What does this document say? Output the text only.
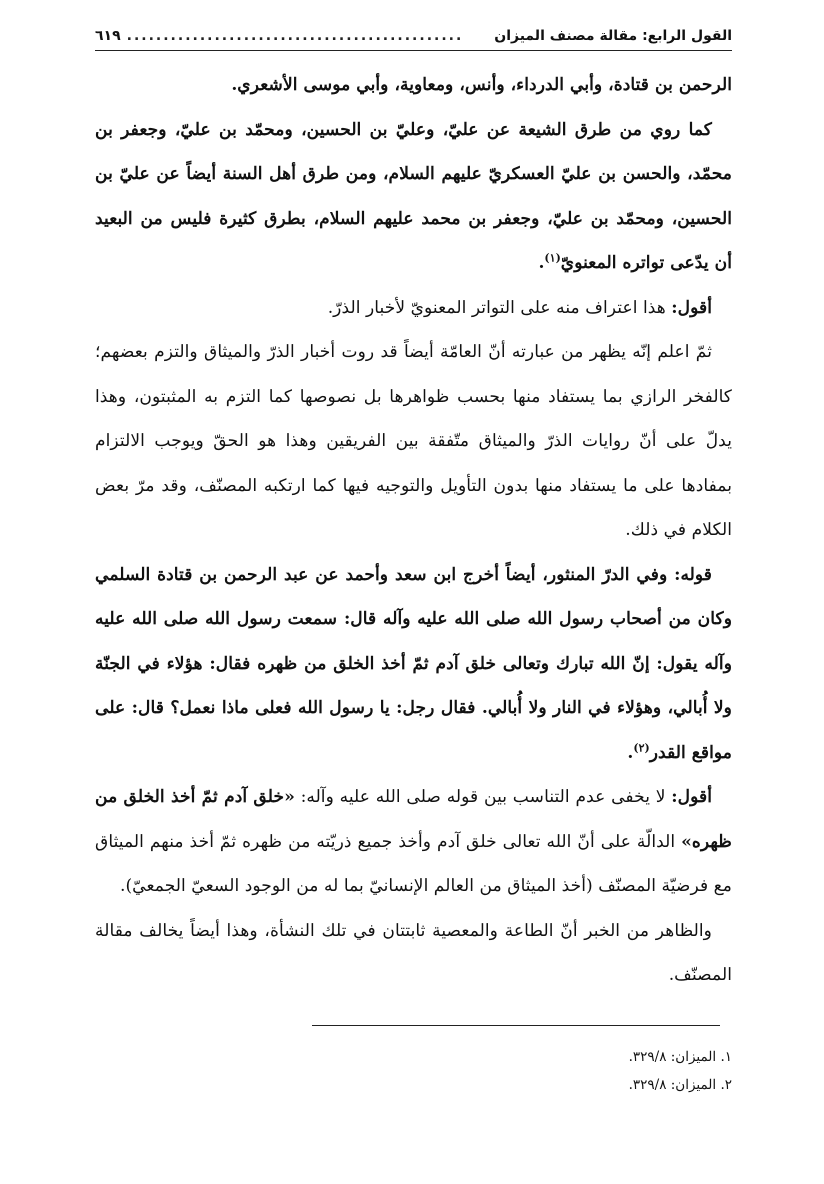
القول الرابع: مقالة مصنف الميزان
..............................................
٦١٩

الرحمن بن قتادة، وأبي الدرداء، وأنس، ومعاوية، وأبي موسى الأشعري.

كما روي من طرق الشيعة عن عليّ، وعليّ بن الحسين، ومحمّد بن عليّ، وجعفر بن محمّد، والحسن بن عليّ العسكريّ عليهم السلام، ومن طرق أهل السنة أيضاً عن عليّ بن الحسين، ومحمّد بن عليّ، وجعفر بن محمد عليهم السلام، بطرق كثيرة فليس من البعيد أن يدّعى تواتره المعنويّ$^{(١)}$.

أقول: هذا اعتراف منه على التواتر المعنويّ لأخبار الذرّ.

ثمّ اعلم إنّه يظهر من عبارته أنّ العامّة أيضاً قد روت أخبار الذرّ والميثاق والتزم بعضهم؛ كالفخر الرازي بما يستفاد منها بحسب ظواهرها بل نصوصها كما التزم به المثبتون، وهذا يدلّ على أنّ روايات الذرّ والميثاق متّفقة بين الفريقين وهذا هو الحقّ ويوجب الالتزام بمفادها على ما يستفاد منها بدون التأويل والتوجيه فيها كما ارتكبه المصنّف، وقد مرّ بعض الكلام في ذلك.

قوله: وفي الدرّ المنثور، أيضاً أخرج ابن سعد وأحمد عن عبد الرحمن بن قتادة السلمي وكان من أصحاب رسول الله صلى الله عليه وآله قال: سمعت رسول الله صلى الله عليه وآله يقول: إنّ الله تبارك وتعالى خلق آدم ثمّ أخذ الخلق من ظهره فقال: هؤلاء في الجنّة ولا أُبالي، وهؤلاء في النار ولا أُبالي. فقال رجل: يا رسول الله فعلى ماذا نعمل؟ قال: على مواقع القدر$^{(٢)}$.

أقول: لا يخفى عدم التناسب بين قوله صلى الله عليه وآله: «خلق آدم ثمّ أخذ الخلق من ظهره» الدالّة على أنّ الله تعالى خلق آدم وأخذ جميع ذريّته من ظهره ثمّ أخذ منهم الميثاق مع فرضيّة المصنّف (أخذ الميثاق من العالم الإنسانيّ بما له من الوجود السعيّ الجمعيّ).

والظاهر من الخبر أنّ الطاعة والمعصية ثابتتان في تلك النشأة، وهذا أيضاً يخالف مقالة المصنّف.

١. الميزان: ٣٢٩/٨.

٢. الميزان: ٣٢٩/٨.
